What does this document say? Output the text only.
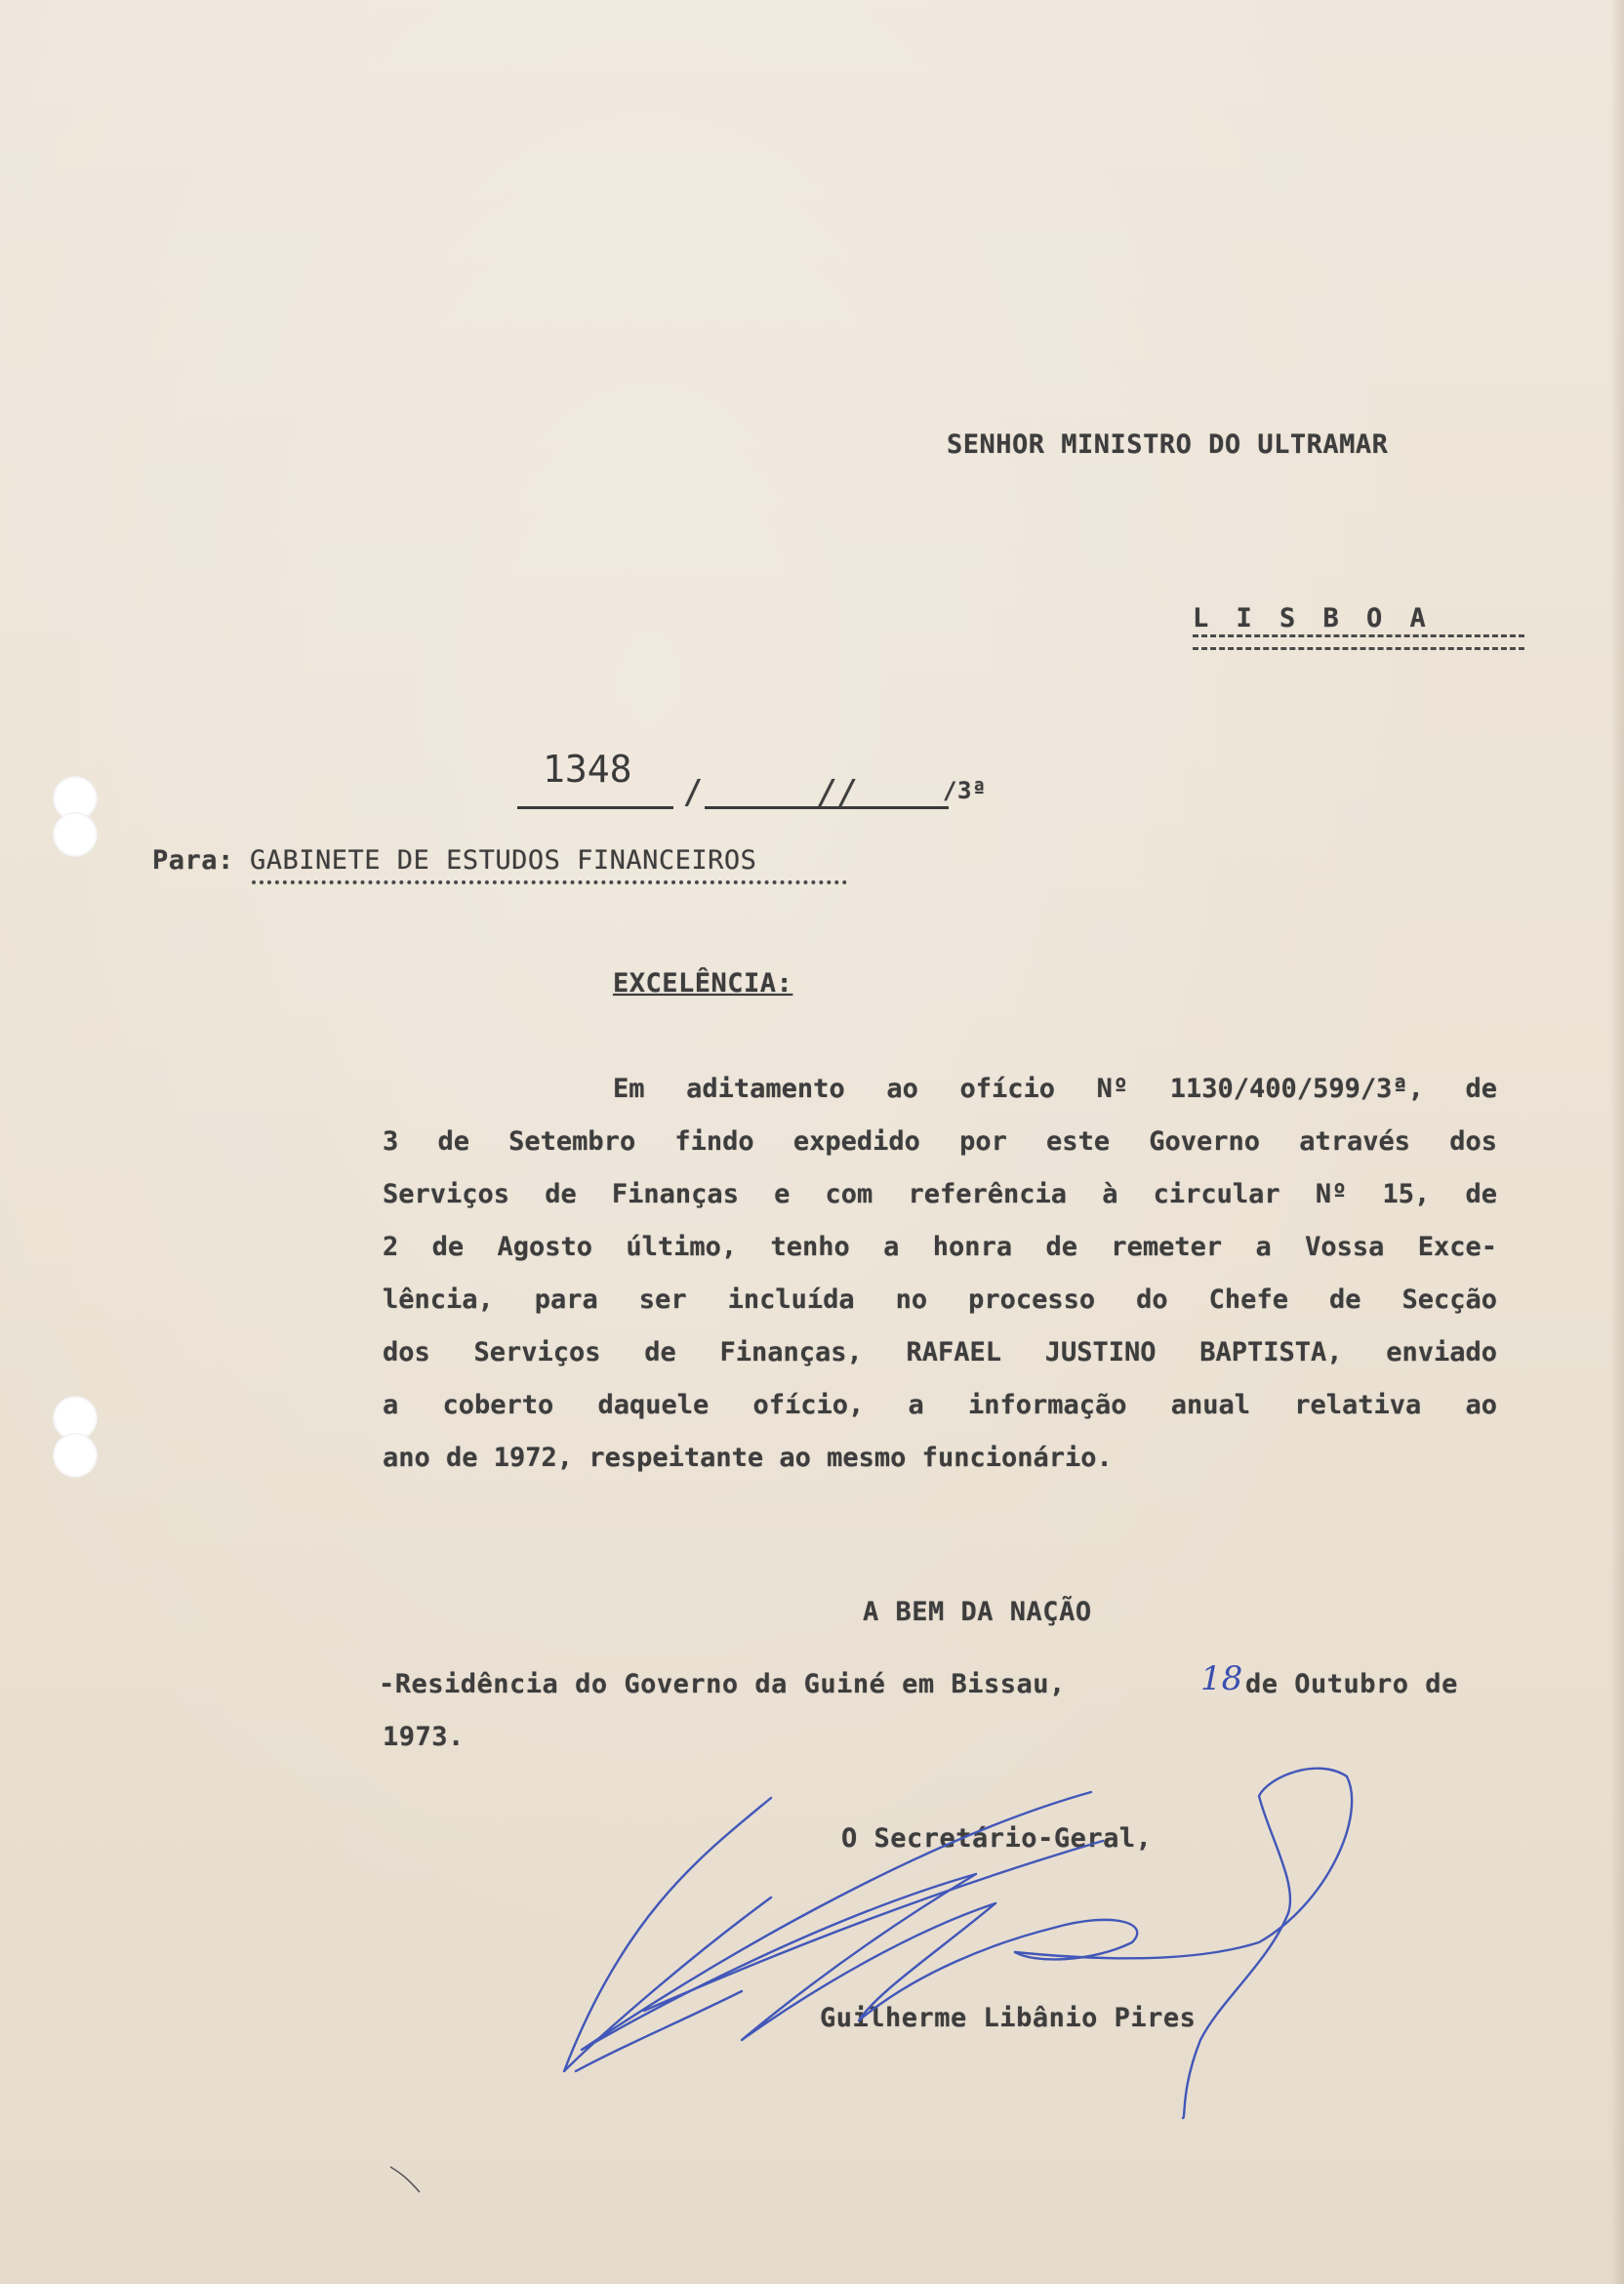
SENHOR MINISTRO DO ULTRAMAR
L I S B O A
1348
/	//	/3ª
Para: GABINETE DE ESTUDOS FINANCEIROS
EXCELÊNCIA:
Em aditamento ao ofício Nº 1130/400/599/3ª, de
3 de Setembro findo expedido por este Governo através dos
Serviços de Finanças e com referência à circular Nº 15, de
2 de Agosto último, tenho a honra de remeter a Vossa Exce-
lência, para ser incluída no processo do Chefe de Secção
dos Serviços de Finanças, RAFAEL JUSTINO BAPTISTA, enviado
a coberto daquele ofício, a informação anual relativa ao
ano de 1972, respeitante ao mesmo funcionário.
A BEM DA NAÇÃO
-Residência do Governo da Guiné em Bissau,	18 de Outubro de
1973.
O Secretário-Geral,
Guilherme Libânio Pires
